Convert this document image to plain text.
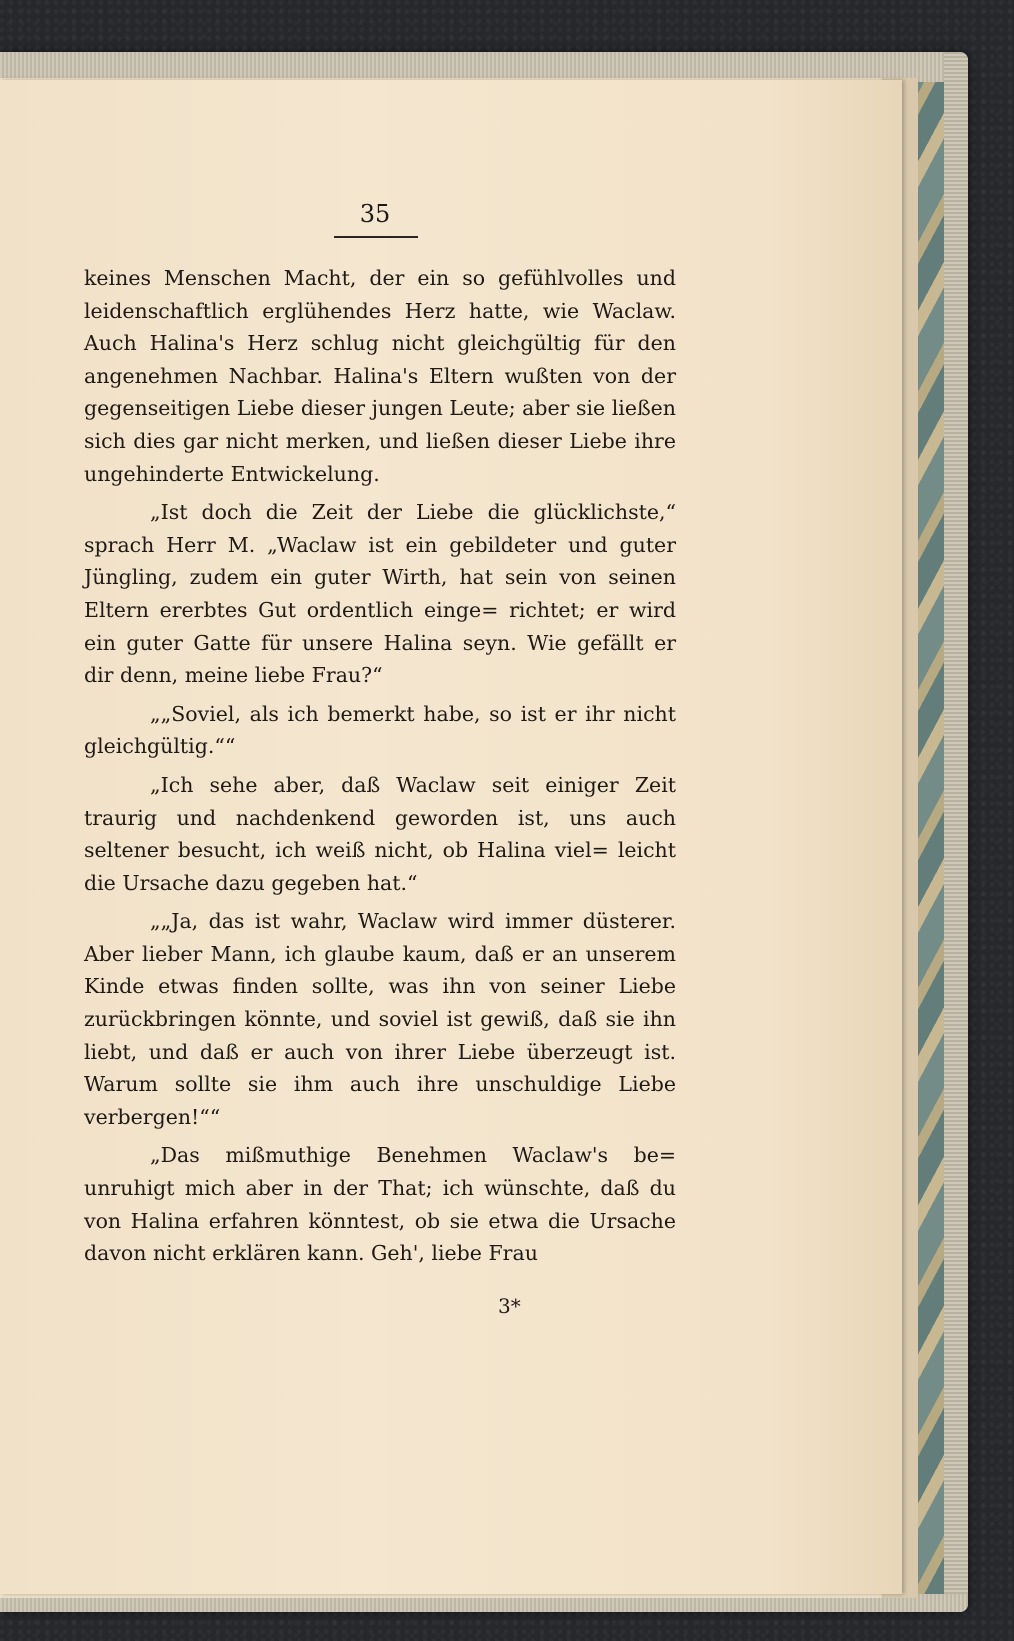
35

keines Menschen Macht, der ein so gefühlvolles und leidenschaftlich erglühendes Herz hatte, wie Waclaw. Auch Halina's Herz schlug nicht gleichgültig für den angenehmen Nachbar. Halina's Eltern wußten von der gegenseitigen Liebe dieser jungen Leute; aber sie ließen sich dies gar nicht merken, und ließen dieser Liebe ihre ungehinderte Entwickelung.

„Ist doch die Zeit der Liebe die glücklichste,“ sprach Herr M. „Waclaw ist ein gebildeter und guter Jüngling, zudem ein guter Wirth, hat sein von seinen Eltern ererbtes Gut ordentlich einge= richtet; er wird ein guter Gatte für unsere Halina seyn. Wie gefällt er dir denn, meine liebe Frau?“

„„Soviel, als ich bemerkt habe, so ist er ihr nicht gleichgültig.““

„Ich sehe aber, daß Waclaw seit einiger Zeit traurig und nachdenkend geworden ist, uns auch seltener besucht, ich weiß nicht, ob Halina viel= leicht die Ursache dazu gegeben hat.“

„„Ja, das ist wahr, Waclaw wird immer düsterer. Aber lieber Mann, ich glaube kaum, daß er an unserem Kinde etwas finden sollte, was ihn von seiner Liebe zurückbringen könnte, und soviel ist gewiß, daß sie ihn liebt, und daß er auch von ihrer Liebe überzeugt ist. Warum sollte sie ihm auch ihre unschuldige Liebe verbergen!““

„Das mißmuthige Benehmen Waclaw's be= unruhigt mich aber in der That; ich wünschte, daß du von Halina erfahren könntest, ob sie etwa die Ursache davon nicht erklären kann. Geh', liebe Frau

3*
